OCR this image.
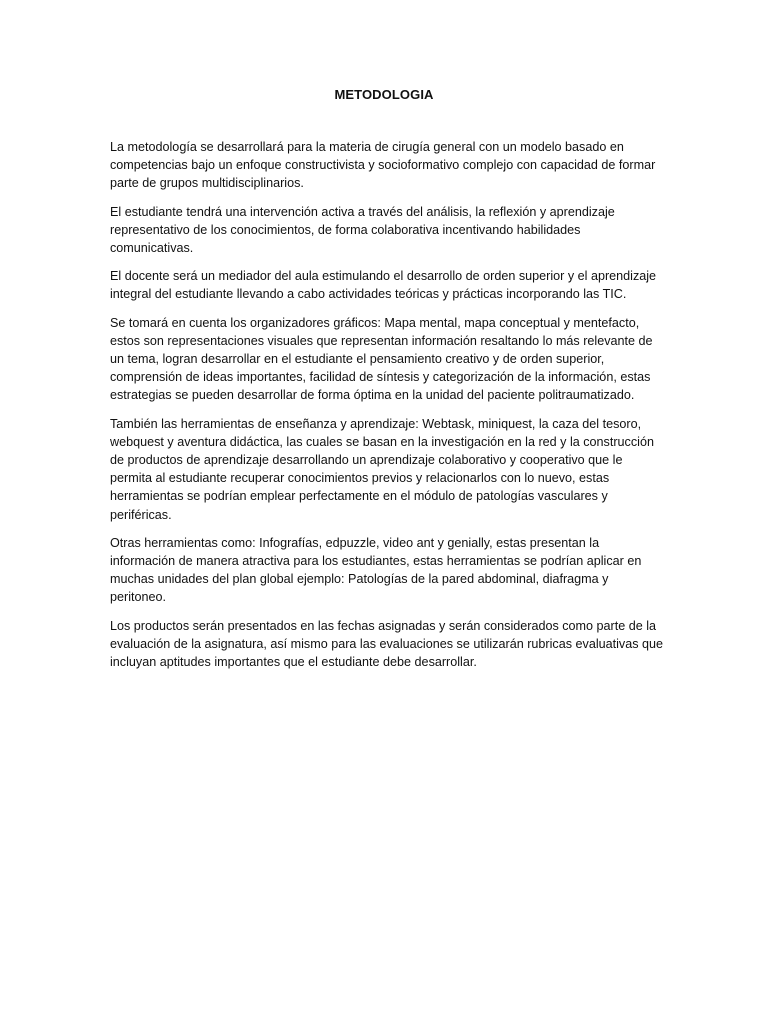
METODOLOGIA

La metodología se desarrollará para la materia de cirugía general con un modelo basado en competencias bajo un enfoque constructivista y socioformativo complejo con capacidad de formar parte de grupos multidisciplinarios.

El estudiante tendrá una intervención activa a través del análisis, la reflexión y aprendizaje representativo de los conocimientos, de forma colaborativa incentivando habilidades comunicativas.

El docente será un mediador del aula estimulando el desarrollo de orden superior y el aprendizaje integral del estudiante llevando a cabo actividades teóricas y prácticas incorporando las TIC.

Se tomará en cuenta los organizadores gráficos: Mapa mental, mapa conceptual y mentefacto, estos son representaciones visuales que representan información resaltando lo más relevante de un tema, logran desarrollar en el estudiante el pensamiento creativo y de orden superior, comprensión de ideas importantes, facilidad de síntesis y categorización de la información, estas estrategias se pueden desarrollar de forma óptima en la unidad del paciente politraumatizado.

También las herramientas de enseñanza y aprendizaje: Webtask, miniquest, la caza del tesoro, webquest y aventura didáctica, las cuales se basan en la investigación en la red y la construcción de productos de aprendizaje desarrollando un aprendizaje colaborativo y cooperativo que le permita al estudiante recuperar conocimientos previos y relacionarlos con lo nuevo, estas herramientas se podrían emplear perfectamente en el módulo de patologías vasculares y periféricas.

Otras herramientas como: Infografías, edpuzzle, video ant y genially, estas presentan la información de manera atractiva para los estudiantes, estas herramientas se podrían aplicar en muchas unidades del plan global ejemplo: Patologías de la pared abdominal, diafragma y peritoneo.

Los productos serán presentados en las fechas asignadas y serán considerados como parte de la evaluación de la asignatura, así mismo para las evaluaciones se utilizarán rubricas evaluativas que incluyan aptitudes importantes que el estudiante debe desarrollar.
